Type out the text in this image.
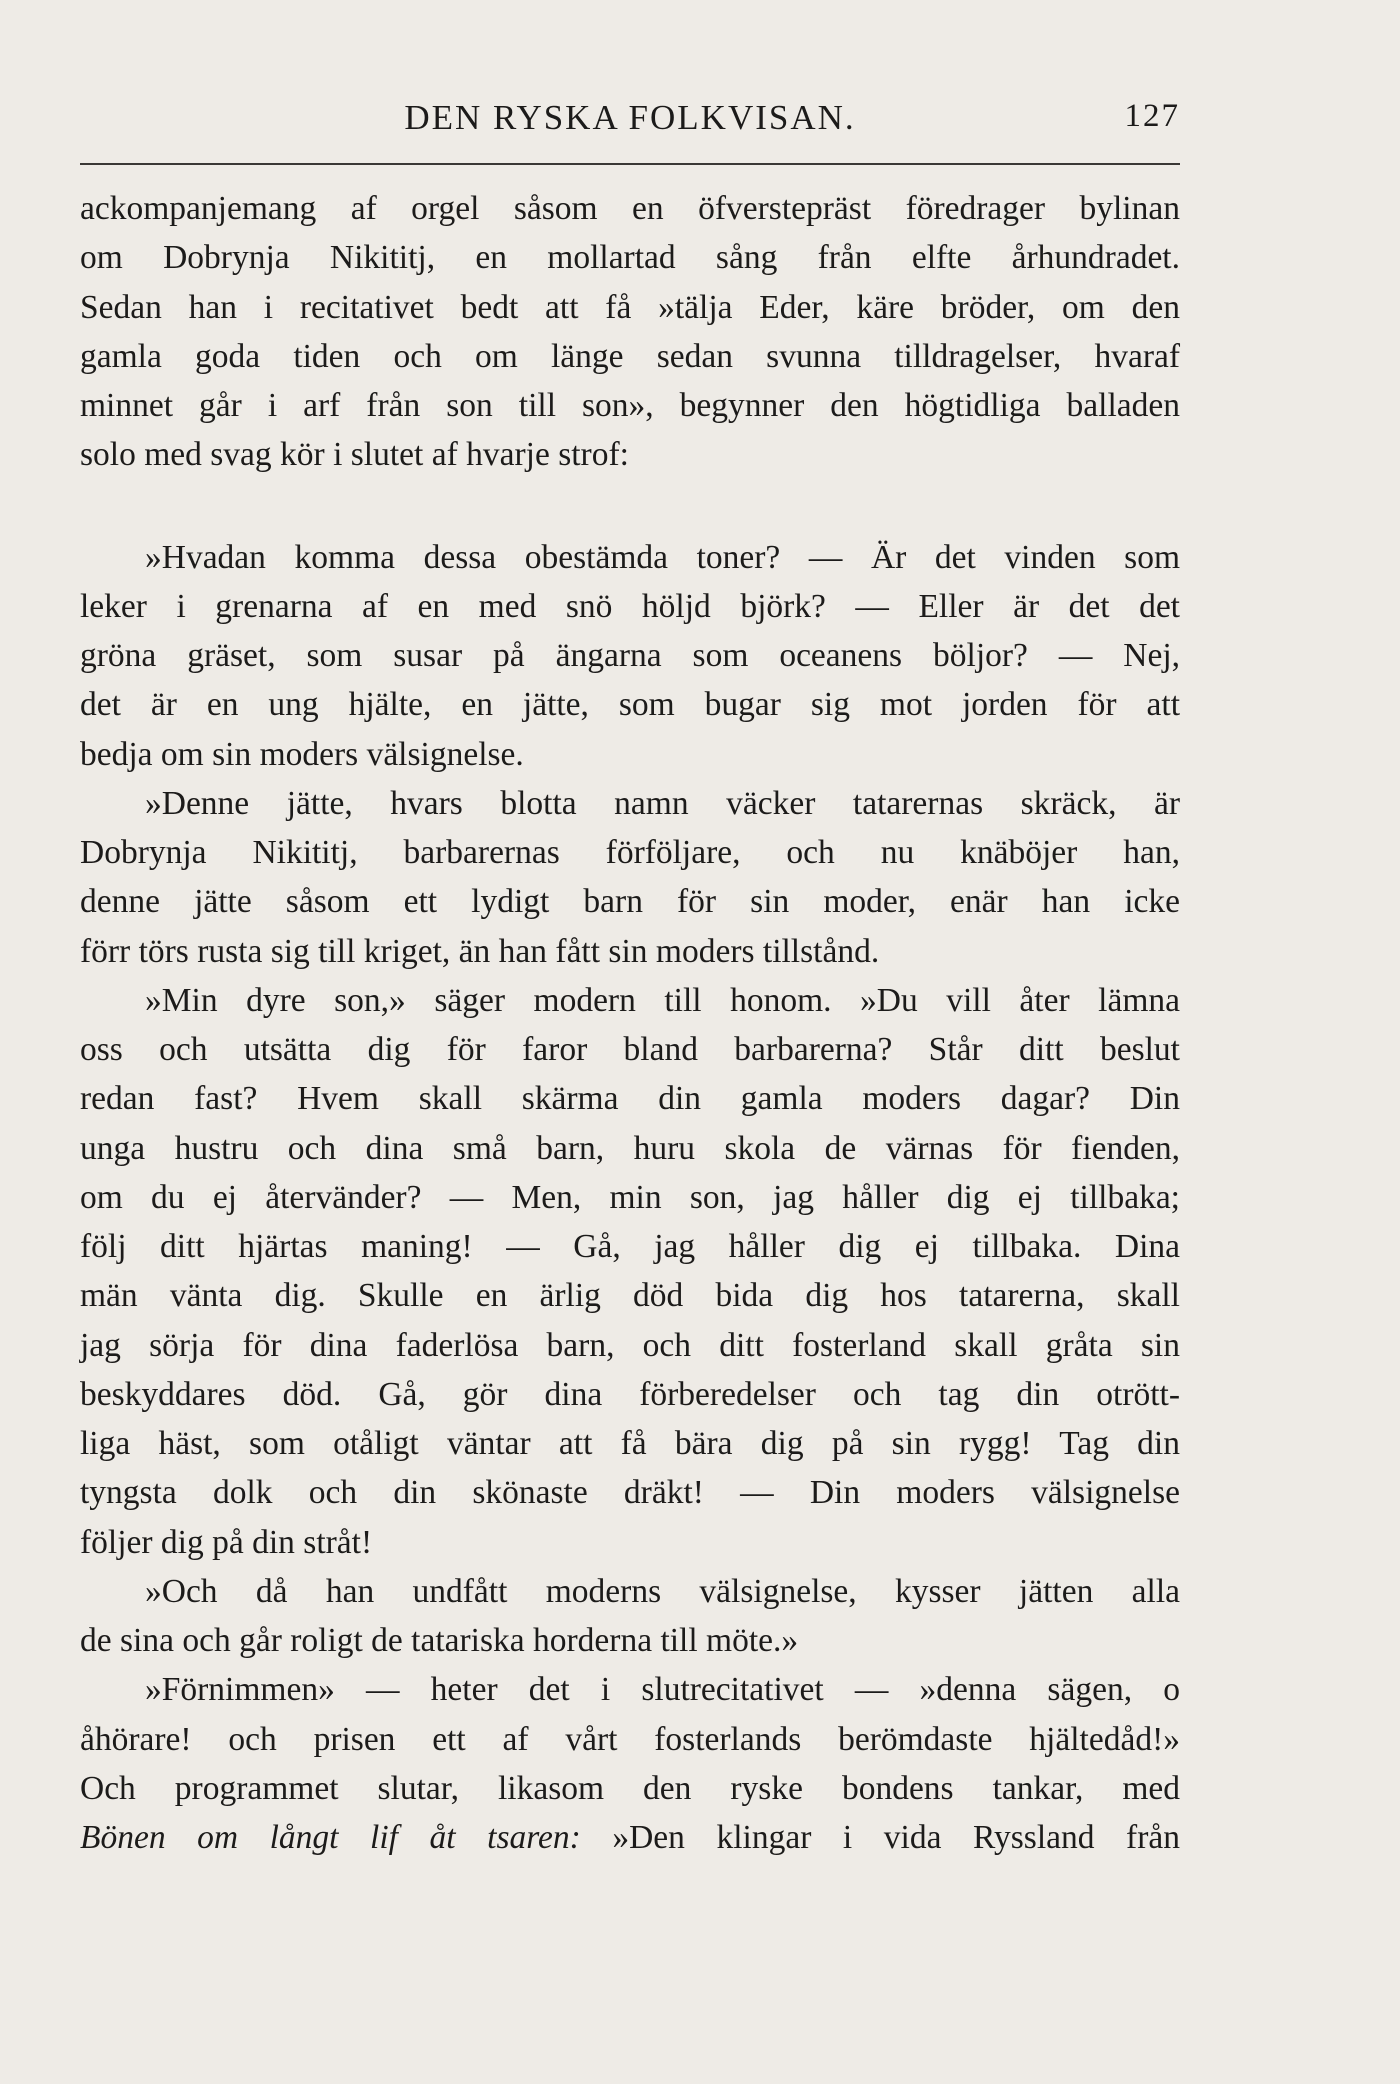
DEN RYSKA FOLKVISAN.	127
ackompanjemang af orgel såsom en öfverstepräst föredrager bylinan
om Dobrynja Nikititj, en mollartad sång från elfte århundradet.
Sedan han i recitativet bedt att få »tälja Eder, käre bröder, om den
gamla goda tiden och om länge sedan svunna tilldragelser, hvaraf
minnet går i arf från son till son», begynner den högtidliga balladen
solo med svag kör i slutet af hvarje strof:
»Hvadan komma dessa obestämda toner? — Är det vinden som
leker i grenarna af en med snö höljd björk? — Eller är det det
gröna gräset, som susar på ängarna som oceanens böljor? — Nej,
det är en ung hjälte, en jätte, som bugar sig mot jorden för att
bedja om sin moders välsignelse.
»Denne jätte, hvars blotta namn väcker tatarernas skräck, är
Dobrynja Nikititj, barbarernas förföljare, och nu knäböjer han,
denne jätte såsom ett lydigt barn för sin moder, enär han icke
förr törs rusta sig till kriget, än han fått sin moders tillstånd.
»Min dyre son,» säger modern till honom. »Du vill åter lämna
oss och utsätta dig för faror bland barbarerna? Står ditt beslut
redan fast? Hvem skall skärma din gamla moders dagar? Din
unga hustru och dina små barn, huru skola de värnas för fienden,
om du ej återvänder? — Men, min son, jag håller dig ej tillbaka;
följ ditt hjärtas maning! — Gå, jag håller dig ej tillbaka. Dina
män vänta dig. Skulle en ärlig död bida dig hos tatarerna, skall
jag sörja för dina faderlösa barn, och ditt fosterland skall gråta sin
beskyddares död. Gå, gör dina förberedelser och tag din otrött-
liga häst, som otåligt väntar att få bära dig på sin rygg! Tag din
tyngsta dolk och din skönaste dräkt! — Din moders välsignelse
följer dig på din stråt!
»Och då han undfått moderns välsignelse, kysser jätten alla
de sina och går roligt de tatariska horderna till möte.»
»Förnimmen» — heter det i slutrecitativet — »denna sägen, o
åhörare! och prisen ett af vårt fosterlands berömdaste hjältedåd!»
Och programmet slutar, likasom den ryske bondens tankar, med
Bönen om långt lif åt tsaren: »Den klingar i vida Ryssland från
